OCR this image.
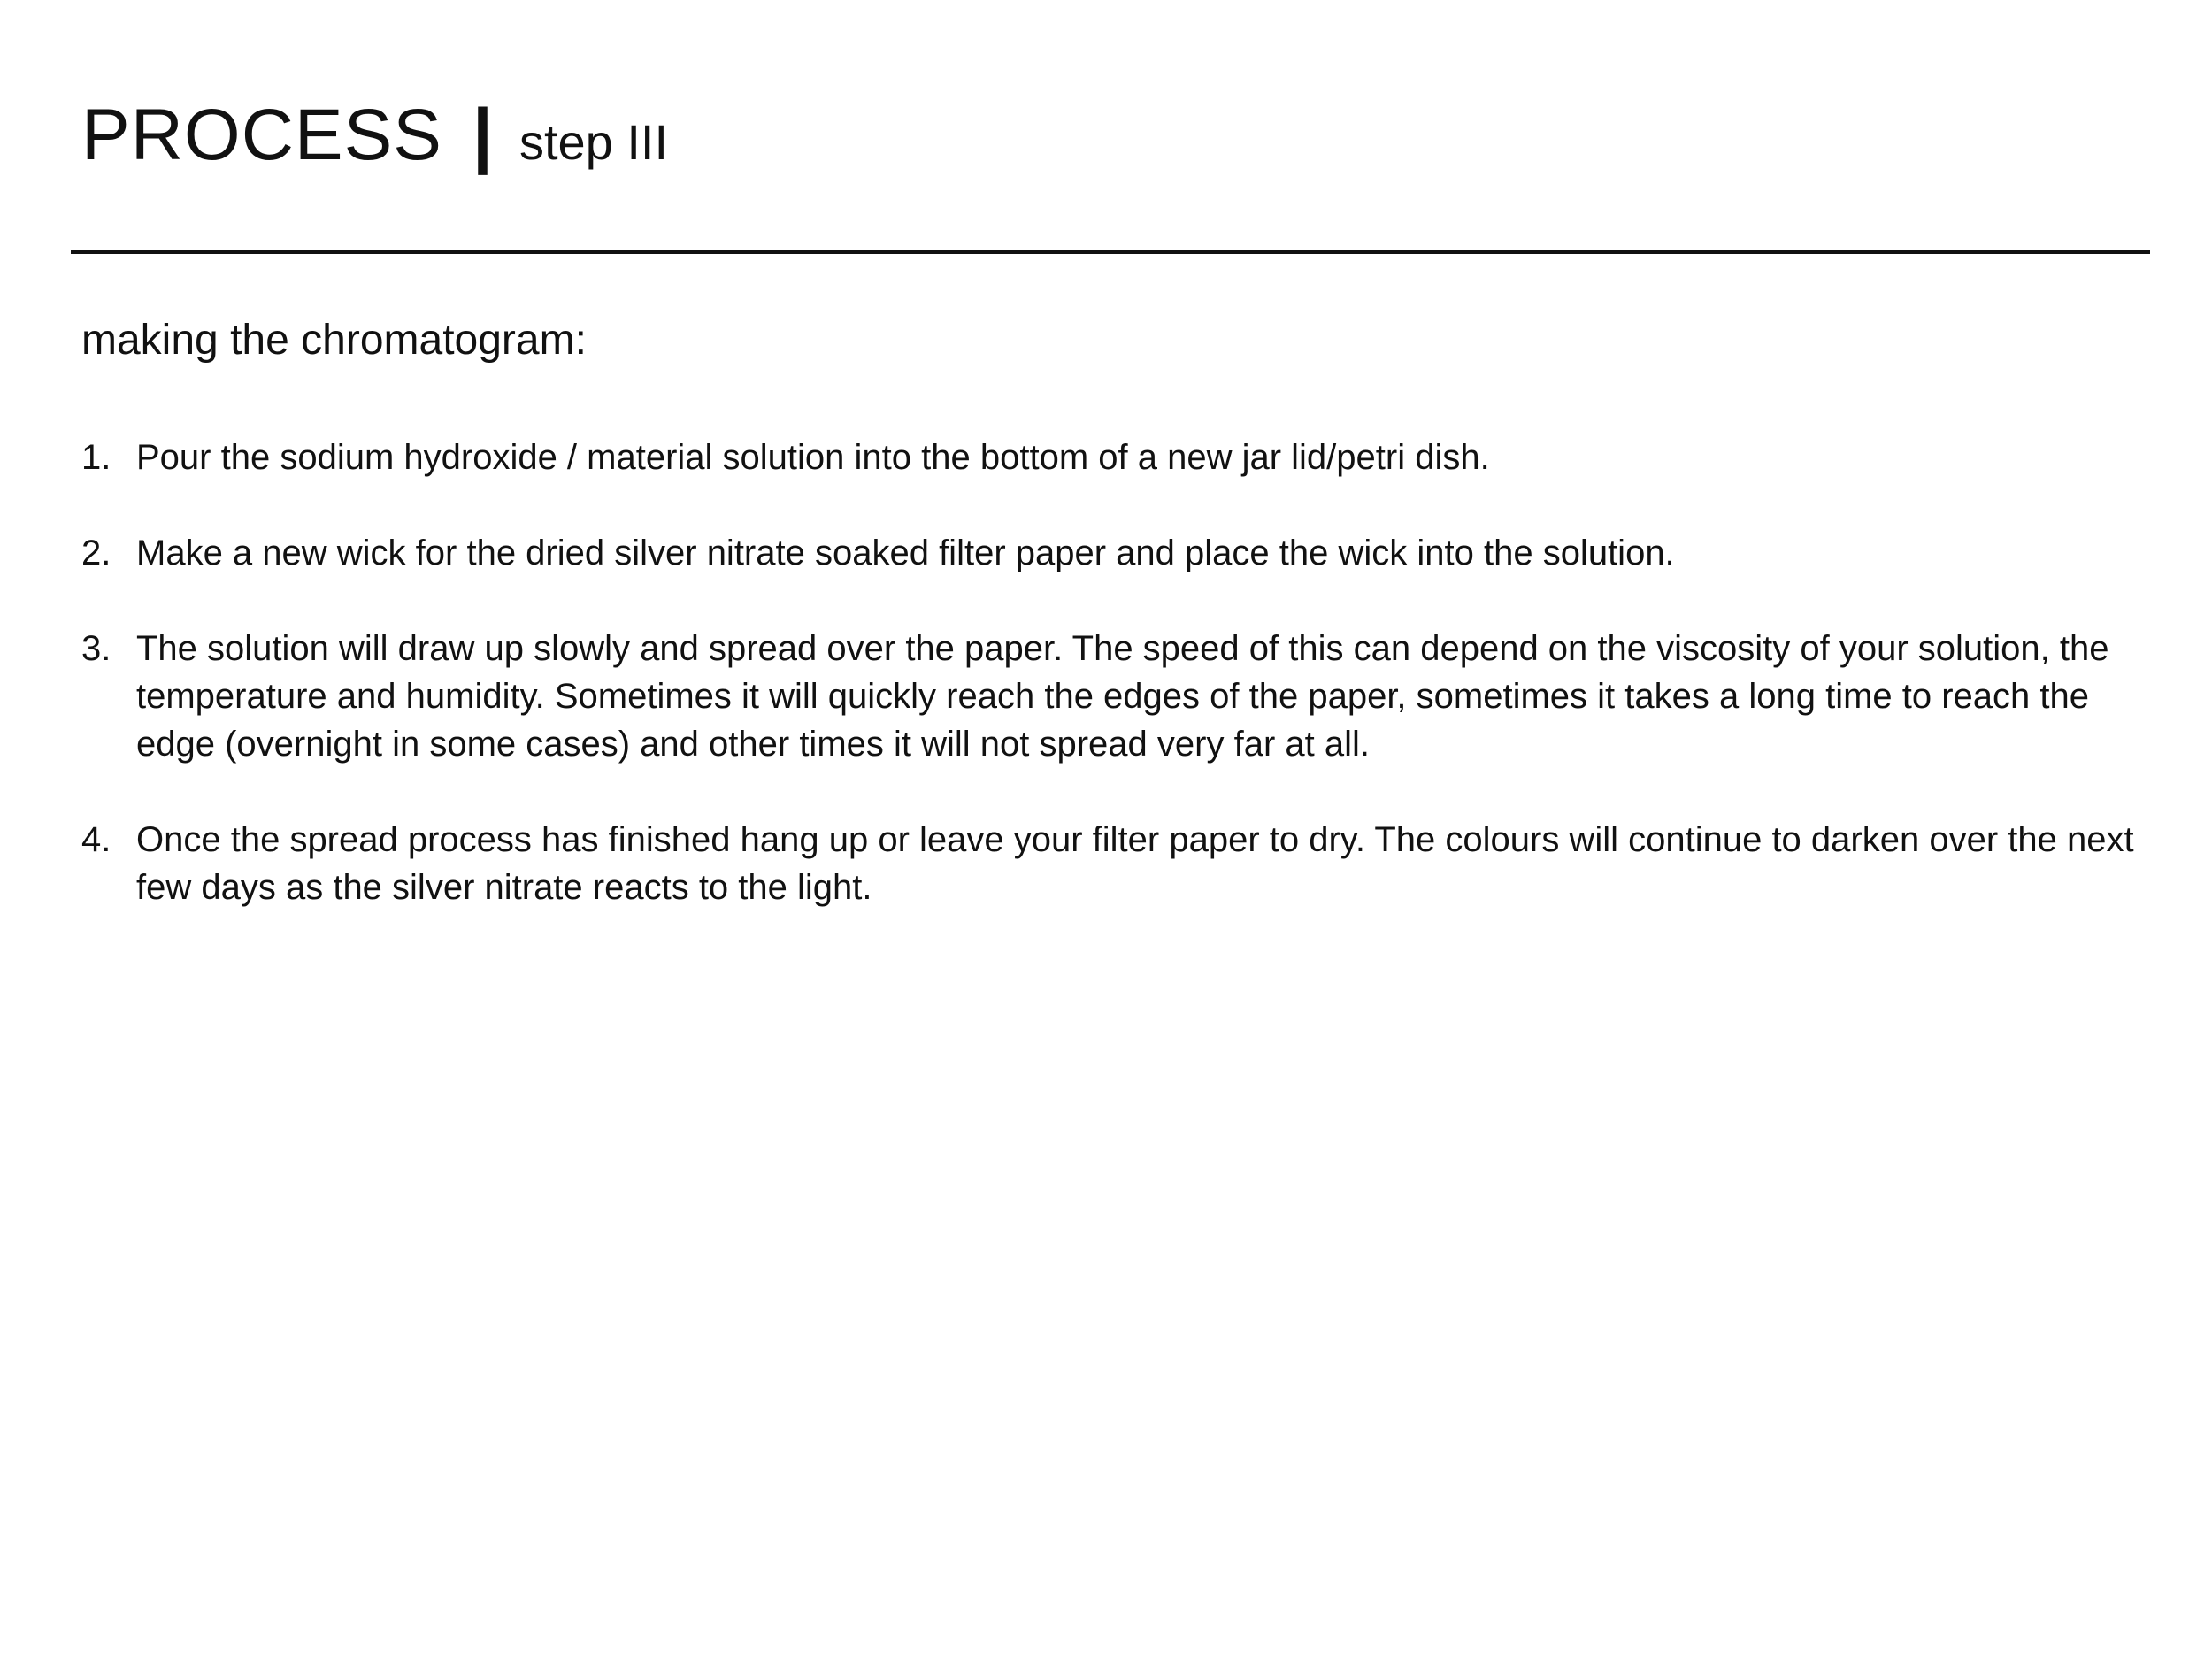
PROCESS | step III
making the chromatogram:
1. Pour the sodium hydroxide / material solution into the bottom of a new jar lid/petri dish.
2. Make a new wick for the dried silver nitrate soaked filter paper and place the wick into the solution.
3. The solution will draw up slowly and spread over the paper. The speed of this can depend on the viscosity of your solution, the temperature and humidity. Sometimes it will quickly reach the edges of the paper, sometimes it takes a long time to reach the edge (overnight in some cases) and other times it will not spread very far at all.
4. Once the spread process has finished hang up or leave your filter paper to dry. The colours will continue to darken over the next few days as the silver nitrate reacts to the light.
